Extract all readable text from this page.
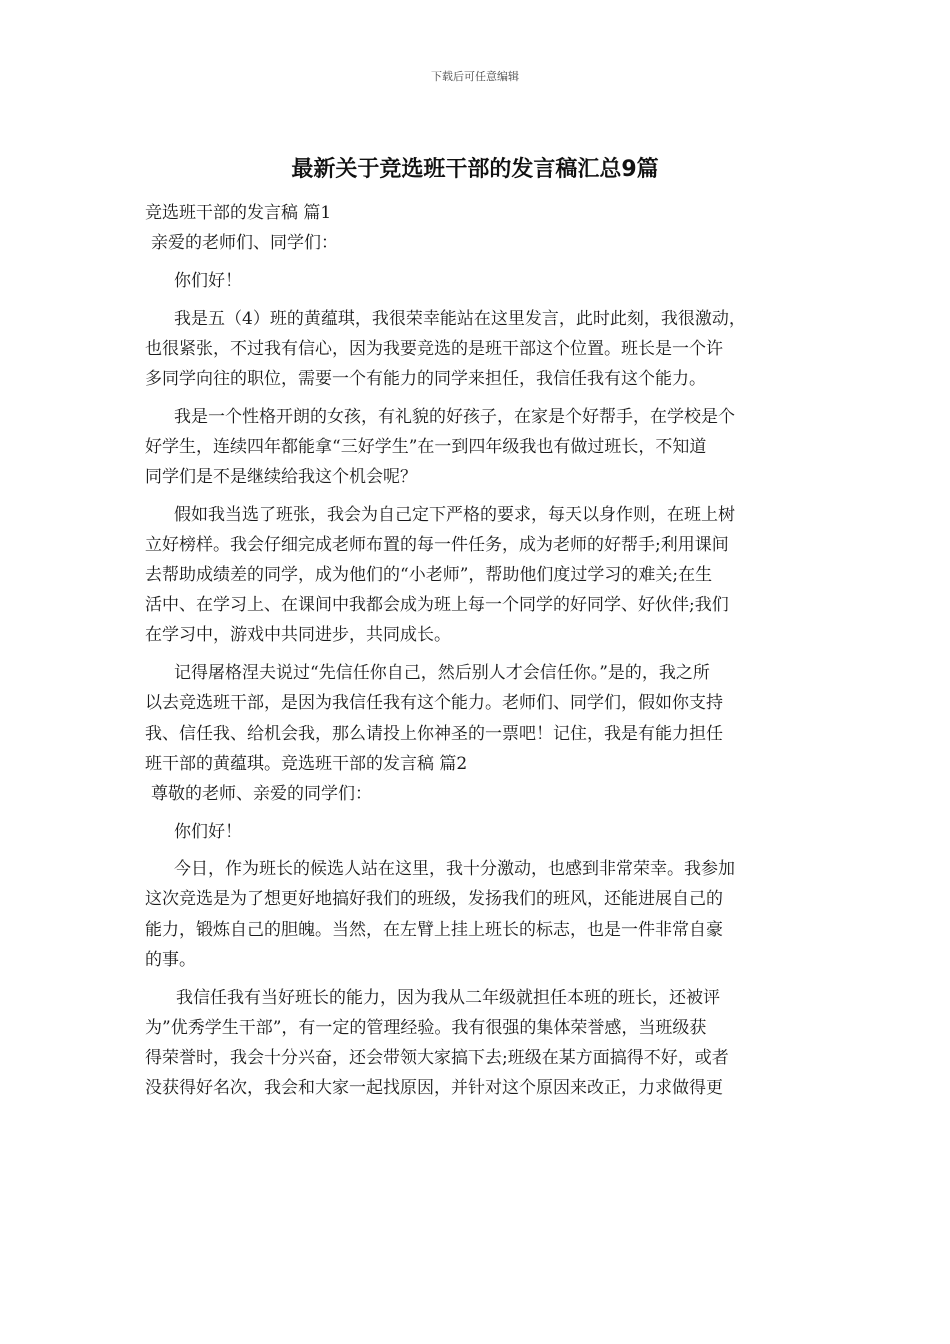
下载后可任意编辑
最新关于竞选班干部的发言稿汇总9篇

竞选班干部的发言稿 篇1

亲爱的老师们、同学们：

你们好！

我是五（4）班的黄蕴琪，我很荣幸能站在这里发言，此时此刻，我很激动，

也很紧张，不过我有信心，因为我要竞选的是班干部这个位置。班长是一个许

多同学向往的职位，需要一个有能力的同学来担任，我信任我有这个能力。

我是一个性格开朗的女孩，有礼貌的好孩子，在家是个好帮手，在学校是个

好学生，连续四年都能拿“三好学生”在一到四年级我也有做过班长，不知道

同学们是不是继续给我这个机会呢？

假如我当选了班张，我会为自己定下严格的要求，每天以身作则，在班上树

立好榜样。我会仔细完成老师布置的每一件任务，成为老师的好帮手;利用课间

去帮助成绩差的同学，成为他们的“小老师”，帮助他们度过学习的难关;在生

活中、在学习上、在课间中我都会成为班上每一个同学的好同学、好伙伴;我们

在学习中，游戏中共同进步，共同成长。

记得屠格涅夫说过“先信任你自己，然后别人才会信任你。”是的，我之所

以去竞选班干部，是因为我信任我有这个能力。老师们、同学们，假如你支持

我、信任我、给机会我，那么请投上你神圣的一票吧！记住，我是有能力担任

班干部的黄蕴琪。竞选班干部的发言稿 篇2

尊敬的老师、亲爱的同学们：

你们好！

今日，作为班长的候选人站在这里，我十分激动，也感到非常荣幸。我参加

这次竞选是为了想更好地搞好我们的班级，发扬我们的班风，还能进展自己的

能力，锻炼自己的胆魄。当然，在左臂上挂上班长的标志，也是一件非常自豪

的事。

我信任我有当好班长的能力，因为我从二年级就担任本班的班长，还被评

为”优秀学生干部”，有一定的管理经验。我有很强的集体荣誉感，当班级获

得荣誉时，我会十分兴奋，还会带领大家搞下去;班级在某方面搞得不好，或者

没获得好名次，我会和大家一起找原因，并针对这个原因来改正，力求做得更
